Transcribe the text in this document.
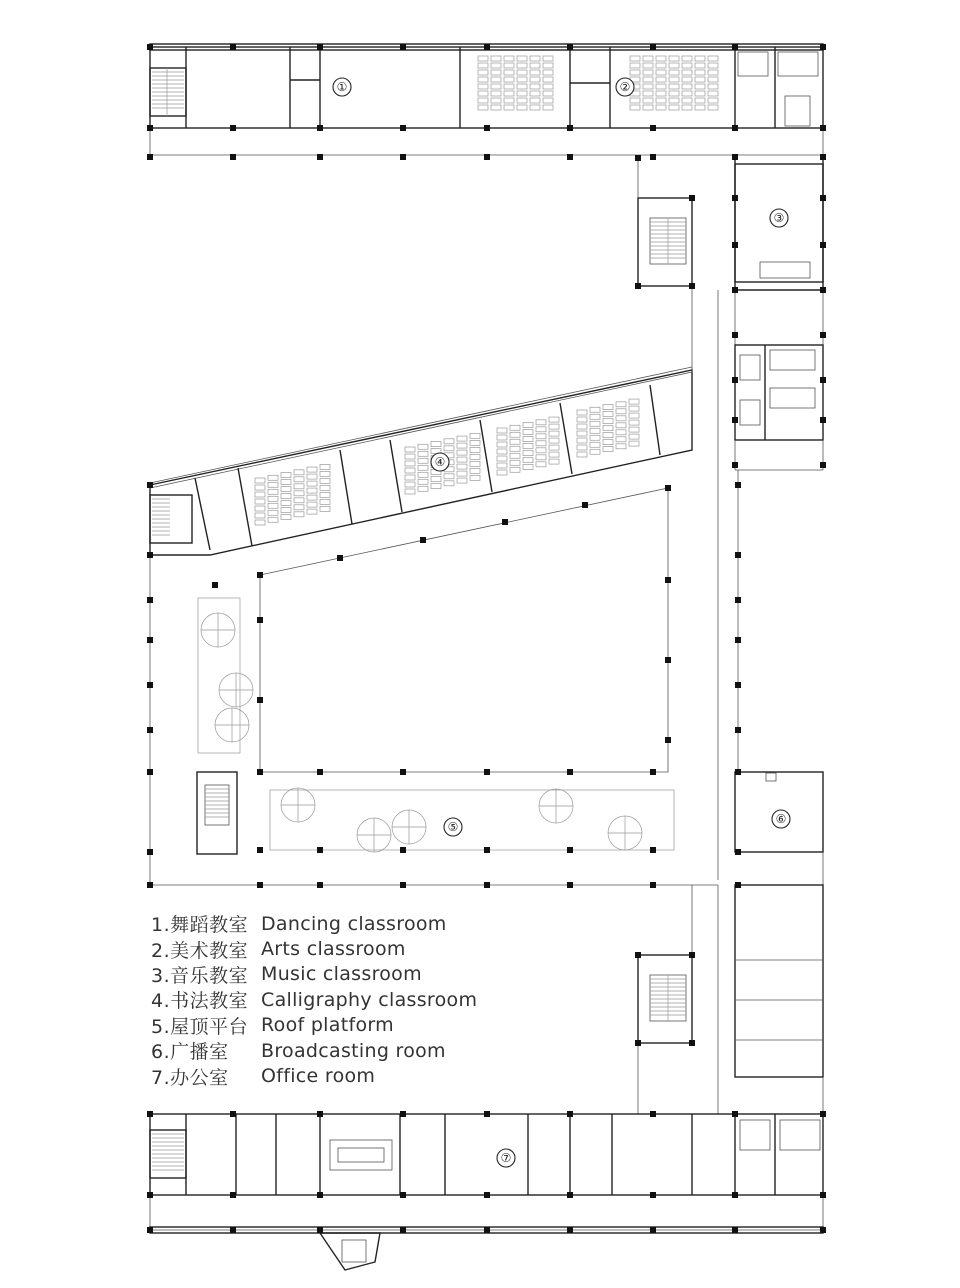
①	②
③
④
⑤
⑥
⑦
1.舞蹈教室 Dancing classroom
2.美术教室 Arts classroom
3.音乐教室 Music classroom
4.书法教室 Calligraphy classroom
5.屋顶平台 Roof platform
6.广播室	Broadcasting room
7.办公室	Office room
